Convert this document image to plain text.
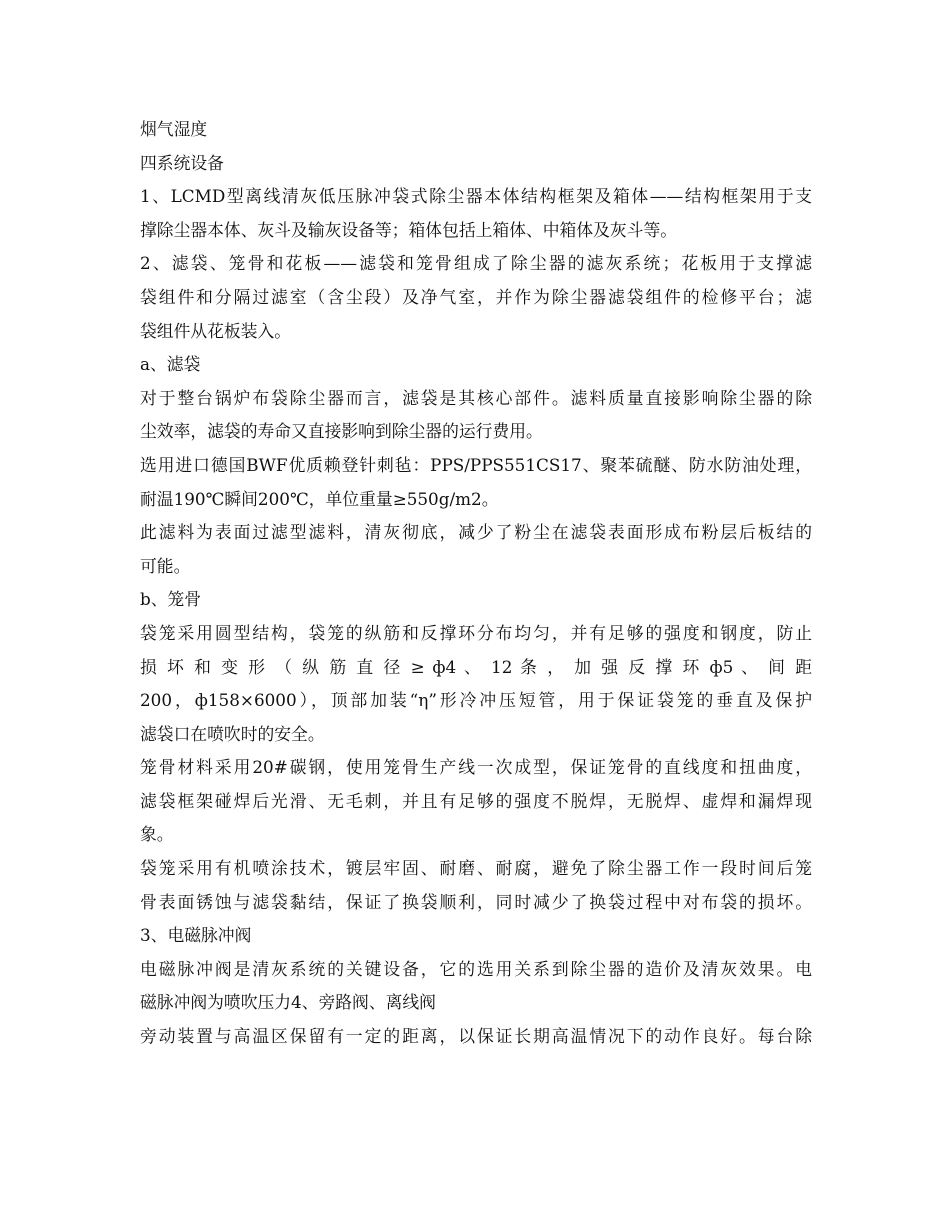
烟气湿度
四系统设备
1、LCMD型离线清灰低压脉冲袋式除尘器本体结构框架及箱体——结构框架用于支
撑除尘器本体、灰斗及输灰设备等；箱体包括上箱体、中箱体及灰斗等。
2、滤袋、笼骨和花板——滤袋和笼骨组成了除尘器的滤灰系统；花板用于支撑滤
袋组件和分隔过滤室（含尘段）及净气室，并作为除尘器滤袋组件的检修平台；滤
袋组件从花板装入。
a、滤袋
对于整台锅炉布袋除尘器而言，滤袋是其核心部件。滤料质量直接影响除尘器的除
尘效率，滤袋的寿命又直接影响到除尘器的运行费用。
选用进口德国BWF优质赖登针刺毡：PPS/PPS551CS17、聚苯硫醚、防水防油处理，
耐温190℃瞬间200℃，单位重量≥550g/m2。
此滤料为表面过滤型滤料，清灰彻底，减少了粉尘在滤袋表面形成布粉层后板结的
可能。
b、笼骨
袋笼采用圆型结构，袋笼的纵筋和反撑环分布均匀，并有足够的强度和钢度，防止
损 坏 和 变 形 （ 纵 筋 直 径 ≥ ф4 、 12 条 ， 加 强 反 撑 环 ф5 、 间 距
200，ф158×6000），顶部加装“η”形冷冲压短管，用于保证袋笼的垂直及保护
滤袋口在喷吹时的安全。
笼骨材料采用20#碳钢，使用笼骨生产线一次成型，保证笼骨的直线度和扭曲度，
滤袋框架碰焊后光滑、无毛刺，并且有足够的强度不脱焊，无脱焊、虚焊和漏焊现
象。
袋笼采用有机喷涂技术，镀层牢固、耐磨、耐腐，避免了除尘器工作一段时间后笼
骨表面锈蚀与滤袋黏结，保证了换袋顺利，同时减少了换袋过程中对布袋的损坏。
3、电磁脉冲阀
电磁脉冲阀是清灰系统的关键设备，它的选用关系到除尘器的造价及清灰效果。电
磁脉冲阀为喷吹压力4、旁路阀、离线阀
旁动装置与高温区保留有一定的距离，以保证长期高温情况下的动作良好。每台除
